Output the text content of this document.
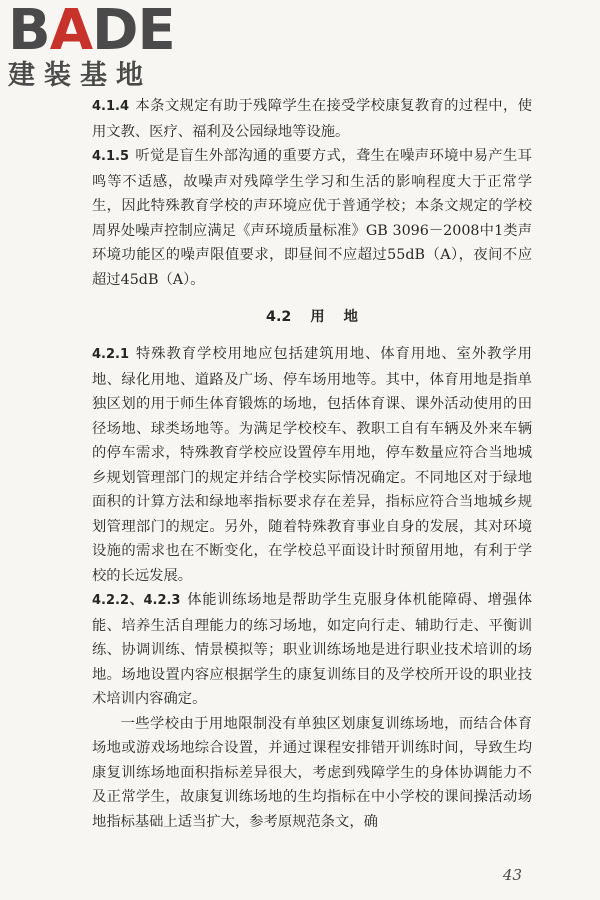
BADE
建装基地

4.1.4 本条文规定有助于残障学生在接受学校康复教育的过程中，使用文教、医疗、福利及公园绿地等设施。

4.1.5 听觉是盲生外部沟通的重要方式，聋生在噪声环境中易产生耳鸣等不适感，故噪声对残障学生学习和生活的影响程度大于正常学生，因此特殊教育学校的声环境应优于普通学校；本条文规定的学校周界处噪声控制应满足《声环境质量标准》GB 3096－2008中1类声环境功能区的噪声限值要求，即昼间不应超过55dB（A），夜间不应超过45dB（A）。

4.2 用 地

4.2.1 特殊教育学校用地应包括建筑用地、体育用地、室外教学用地、绿化用地、道路及广场、停车场用地等。其中，体育用地是指单独区划的用于师生体育锻炼的场地，包括体育课、课外活动使用的田径场地、球类场地等。为满足学校校车、教职工自有车辆及外来车辆的停车需求，特殊教育学校应设置停车用地，停车数量应符合当地城乡规划管理部门的规定并结合学校实际情况确定。不同地区对于绿地面积的计算方法和绿地率指标要求存在差异，指标应符合当地城乡规划管理部门的规定。另外，随着特殊教育事业自身的发展，其对环境设施的需求也在不断变化，在学校总平面设计时预留用地，有利于学校的长远发展。

4.2.2、4.2.3 体能训练场地是帮助学生克服身体机能障碍、增强体能、培养生活自理能力的练习场地，如定向行走、辅助行走、平衡训练、协调训练、情景模拟等；职业训练场地是进行职业技术培训的场地。场地设置内容应根据学生的康复训练目的及学校所开设的职业技术培训内容确定。

一些学校由于用地限制没有单独区划康复训练场地，而结合体育场地或游戏场地综合设置，并通过课程安排错开训练时间，导致生均康复训练场地面积指标差异很大，考虑到残障学生的身体协调能力不及正常学生，故康复训练场地的生均指标在中小学校的课间操活动场地指标基础上适当扩大，参考原规范条文，确

43
